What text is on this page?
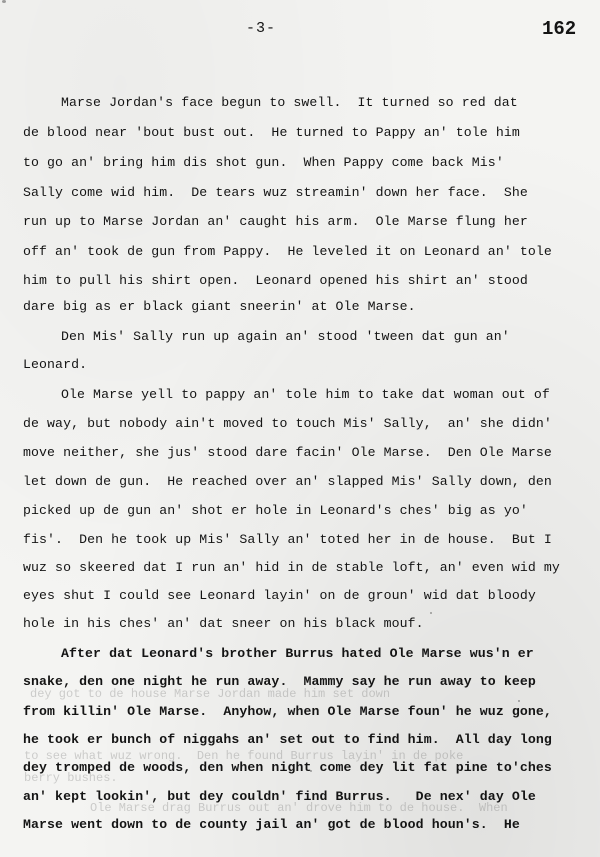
-3-	162
Ole Marse drag Burrus out an' drove him to de house.  When
dey got to de house Marse Jordan made him set down
to see what wuz wrong.  Den he found Burrus layin' in de poke
berry bushes.
Marse Jordan's face begun to swell.  It turned so red dat
de blood near 'bout bust out.  He turned to Pappy an' tole him
to go an' bring him dis shot gun.  When Pappy come back Mis'
Sally come wid him.  De tears wuz streamin' down her face.  She
run up to Marse Jordan an' caught his arm.  Ole Marse flung her
off an' took de gun from Pappy.  He leveled it on Leonard an' tole
him to pull his shirt open.  Leonard opened his shirt an' stood
dare big as er black giant sneerin' at Ole Marse.
Den Mis' Sally run up again an' stood 'tween dat gun an'
Leonard.
Ole Marse yell to pappy an' tole him to take dat woman out of
de way, but nobody ain't moved to touch Mis' Sally,  an' she didn'
move neither, she jus' stood dare facin' Ole Marse.  Den Ole Marse
let down de gun.  He reached over an' slapped Mis' Sally down, den
picked up de gun an' shot er hole in Leonard's ches' big as yo'
fis'.  Den he took up Mis' Sally an' toted her in de house.  But I
wuz so skeered dat I run an' hid in de stable loft, an' even wid my
eyes shut I could see Leonard layin' on de groun' wid dat bloody
hole in his ches' an' dat sneer on his black mouf.
After dat Leonard's brother Burrus hated Ole Marse wus'n er
snake, den one night he run away.  Mammy say he run away to keep
from killin' Ole Marse.  Anyhow, when Ole Marse foun' he wuz gone,
he took er bunch of niggahs an' set out to find him.  All day long
dey tromped de woods, den when night come dey lit fat pine to'ches
an' kept lookin', but dey couldn' find Burrus.   De nex' day Ole
Marse went down to de county jail an' got de blood houn's.  He
